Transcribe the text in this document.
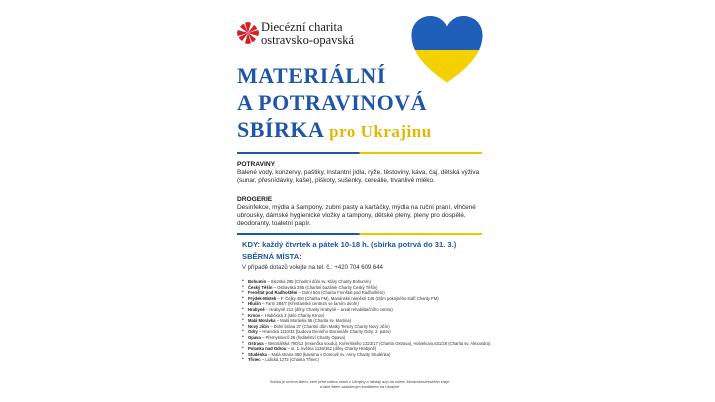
Diecézní charita
ostravsko-opavská
MATERIÁLNÍ
A POTRAVINOVÁ
SBÍRKA pro Ukrajinu
POTRAVINY
Balené vody, konzervy, paštiky, instantní jídla, rýže, těstoviny, káva, čaj, dětská výživa (sunar, přesnídávky, kaše), piškoty, sušenky, cereálie, trvanlivé mléko.
DROGERIE
Desinfekce, mýdla a šampony, zubní pasty a kartáčky, mýdla na ruční praní, vlhčené ubrousky, dámské hygienické vložky a tampony, dětské pleny, pleny pro dospělé, deodoranty, toaletní papír.
KDY: každý čtvrtek a pátek 10-18 h. (sbírka potrvá do 31. 3.)
SBĚRNÁ MÍSTA:
V případě dotazů volejte na tel. č.: +420 704 609 644
• Bohumín – Slezská 295 (Charitní dům sv. Kláry Charity Bohumín)
• Český Těšín – Ostravská 285 (Charitní bazárek Charity Český Těšín)
• Frenštát pod Radhoštěm – Dolní 504 (Charita Frenštát pod Radhoštěm)
• Frýdek-Místek – F. Čejky 450 (Charita FM), Mariánské náměstí 146 (Dům pokojného stáří Charity FM)
• Hlučín – Farní 284/7 (Křesťanské centrum ve farním dvoře)
• Hrabyně – Hrabyně 212 (dílny Charity Hrabyně – areál rehabilitačního centra)
• Krnov – Hlubčická 3 (sklo Charity Krnov)
• Malá Morávka – Malá Morávka 56 (Charita sv. Martina)
• Nový Jičín – Dolní brána 37 (Charitní dům Matky Terezy Charity Nový Jičín)
• Odry – Hranická 1110/32 (budova Denního stacionáře Charity Odry, 2. patro)
• Opava – Přemyslovců 26 (ředitelství Charity Opava)
• Ostrava – Betonářská 790/12 (resenčka soudu), Kořenského 1323/17 (Charita Ostrava), Holvekova 631/28 (Charita sv. Alexandra)
• Polanka nad Odrou – ul. 1. května 1136/162 (dílny Charity Hrabyně)
• Studénka – Malá strana 460 (kavárna v Domově sv. Anny Charity Studénka)
• Třinec – Lidická 1272 (Charita Třinec)
Sbírka je určena lidem, kteří před válkou utekli z Ukrajiny a hledají azyl na území Moravskoslezského kraje
a také lidem zasaženým konfliktem na Ukrajině
